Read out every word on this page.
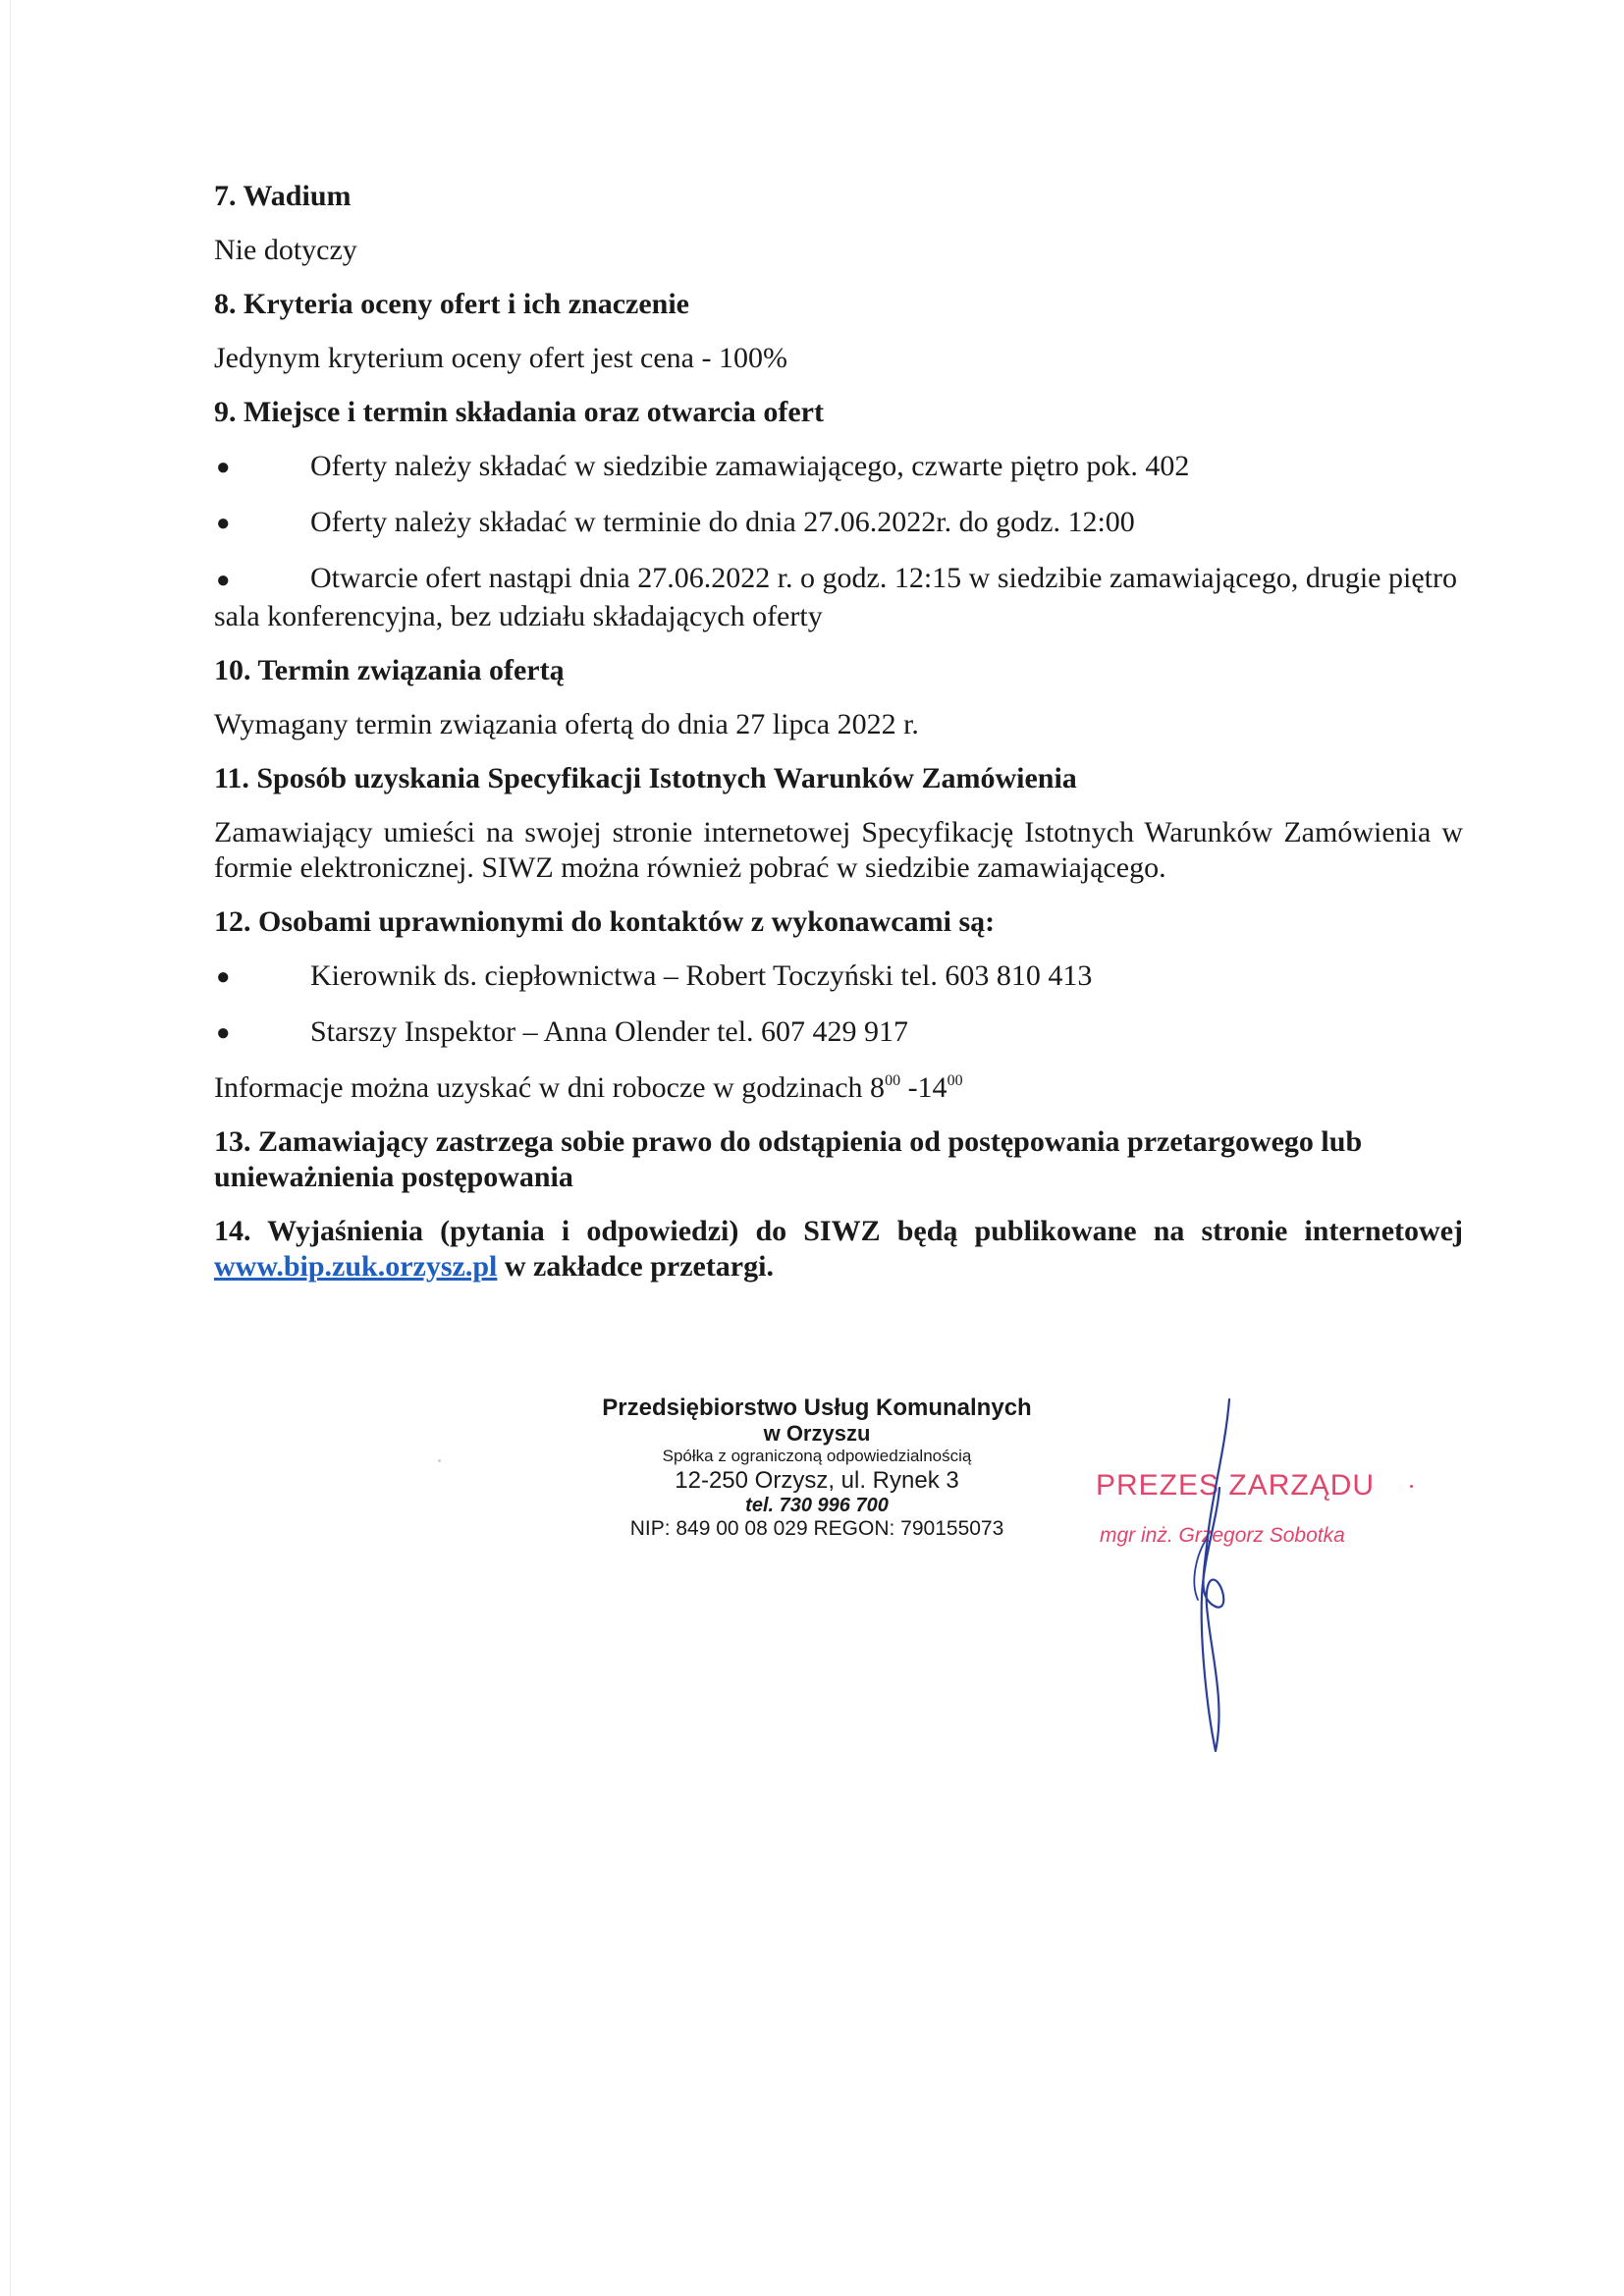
7. Wadium
Nie dotyczy
8. Kryteria oceny ofert i ich znaczenie
Jedynym kryterium oceny ofert jest cena - 100%
9. Miejsce i termin składania oraz otwarcia ofert
●	Oferty należy składać w siedzibie zamawiającego, czwarte piętro pok. 402
●	Oferty należy składać w terminie do dnia 27.06.2022r. do godz. 12:00
●	Otwarcie ofert nastąpi dnia 27.06.2022 r. o godz. 12:15 w siedzibie zamawiającego, drugie piętro sala konferencyjna, bez udziału składających oferty
10. Termin związania ofertą
Wymagany termin związania ofertą do dnia 27 lipca 2022 r.
11. Sposób uzyskania Specyfikacji Istotnych Warunków Zamówienia
Zamawiający umieści na swojej stronie internetowej Specyfikację Istotnych Warunków Zamówienia w formie elektronicznej. SIWZ można również pobrać w siedzibie zamawiającego.
12. Osobami uprawnionymi do kontaktów z wykonawcami są:
●	Kierownik ds. ciepłownictwa – Robert Toczyński tel. 603 810 413
●	Starszy Inspektor – Anna Olender tel. 607 429 917
Informacje można uzyskać w dni robocze w godzinach $8^{00}$ $-14^{00}$
13. Zamawiający zastrzega sobie prawo do odstąpienia od postępowania przetargowego lub unieważnienia postępowania
14. Wyjaśnienia (pytania i odpowiedzi) do SIWZ będą publikowane na stronie internetowej www.bip.zuk.orzysz.pl w zakładce przetargi.
Przedsiębiorstwo Usług Komunalnych
w Orzyszu
Spółka z ograniczoną odpowiedzialnością
12-250 Orzysz, ul. Rynek 3
tel. 730 996 700
NIP: 849 00 08 029 REGON: 790155073
PREZES ZARZĄDU
mgr inż. Grzegorz Sobotka
